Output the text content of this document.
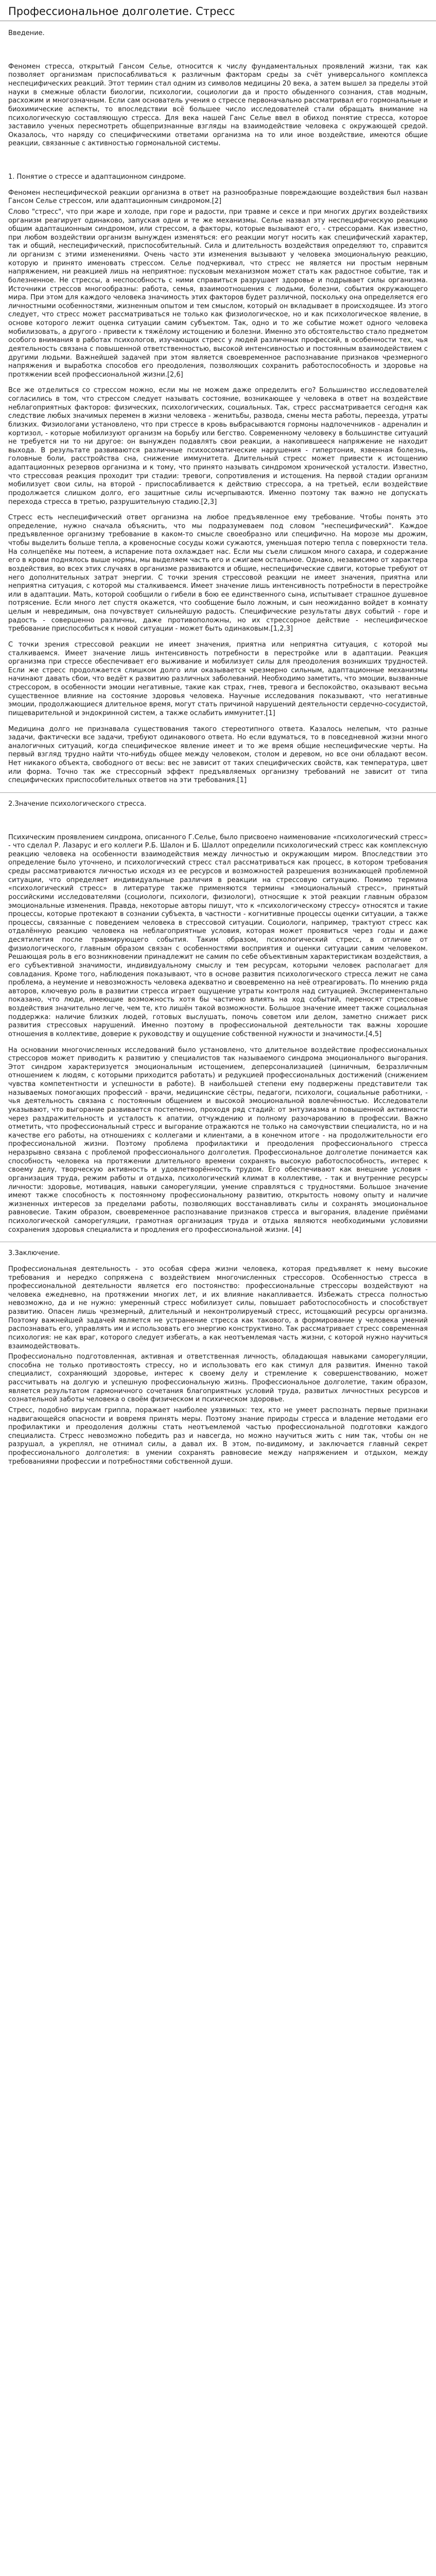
Профессиональное долголетие. Стресс
Введение.

Феномен стресса, открытый Гансом Селье, относится к числу фундаментальных проявлений жизни, так как позволяет организмам приспосабливаться к различным факторам среды за счёт универсального комплекса неспецифических реакций. Этот термин стал одним из символов медицины 20 века, а затем вышел за пределы этой науки в смежные области биологии, психологии, социологии да и просто обыденного сознания, став модным, расхожим и многозначным. Если сам основатель учения о стрессе первоначально рассматривал его гормональные и биохимические аспекты, то впоследствии всё большее число исследователей стали обращать внимание на психологическую составляющую стресса. Для века нашей Ганс Селье ввел в обиход понятие стресса, которое заставило ученых пересмотреть общепризнанные взгляды на взаимодействие человека с окружающей средой. Оказалось, что наряду со специфическими ответами организма на то или иное воздействие, имеются общие реакции, связанные с активностью гормональной системы.

1. Понятие о стрессе и адаптационном синдроме.

Феномен неспецифической реакции организма в ответ на разнообразные повреждающие воздействия был назван Гансом Селье стрессом, или адаптационным синдромом.[2]

Слово "стресс", что при жаре и холоде, при горе и радости, при травме и сексе и при многих других воздействиях организм реагирует одинаково, запуская одни и те же механизмы. Селье назвал эту неспецифическую реакцию общим адаптационным синдромом, или стрессом, а факторы, которые вызывают его, - стрессорами. Как известно, при любом воздействии организм вынужден изменяться: его реакции могут носить как специфический характер, так и общий, неспецифический, приспособительный. Сила и длительность воздействия определяют то, справится ли организм с этими изменениями. Очень часто эти изменения вызывают у человека эмоциональную реакцию, которую и принято именовать стрессом. Селье подчеркивал, что стресс не является ни простым нервным напряжением, ни реакцией лишь на неприятное: пусковым механизмом может стать как радостное событие, так и болезненное. Не стрессы, а неспособность с ними справиться разрушает здоровье и подрывает силы организма. Источники стрессов многообразны: работа, семья, взаимоотношения с людьми, болезни, события окружающего мира. При этом для каждого человека значимость этих факторов будет различной, поскольку она определяется его личностными особенностями, жизненным опытом и тем смыслом, который он вкладывает в происходящее. Из этого следует, что стресс может рассматриваться не только как физиологическое, но и как психологическое явление, в основе которого лежит оценка ситуации самим субъектом. Так, одно и то же событие может одного человека мобилизовать, а другого - привести к тяжёлому истощению и болезни. Именно это обстоятельство стало предметом особого внимания в работах психологов, изучающих стресс у людей различных профессий, в особенности тех, чья деятельность связана с повышенной ответственностью, высокой интенсивностью и постоянным взаимодействием с другими людьми. Важнейшей задачей при этом является своевременное распознавание признаков чрезмерного напряжения и выработка способов его преодоления, позволяющих сохранить работоспособность и здоровье на протяжении всей профессиональной жизни.[2,6]

Все же отделиться со стрессом можно, если мы не можем даже определить его? Большинство исследователей согласились в том, что стрессом следует называть состояние, возникающее у человека в ответ на воздействие неблагоприятных факторов: физических, психологических, социальных. Так, стресс рассматривается сегодня как следствие любых значимых перемен в жизни человека - женитьбы, развода, смены места работы, переезда, утраты близких. Физиологами установлено, что при стрессе в кровь выбрасываются гормоны надпочечников - адреналин и кортизол, - которые мобилизуют организм на борьбу или бегство. Современному человеку в большинстве ситуаций не требуется ни то ни другое: он вынужден подавлять свои реакции, а накопившееся напряжение не находит выхода. В результате развиваются различные психосоматические нарушения - гипертония, язвенная болезнь, головные боли, расстройства сна, снижение иммунитета. Длительный стресс может привести к истощению адаптационных резервов организма и к тому, что принято называть синдромом хронической усталости. Известно, что стрессовая реакция проходит три стадии: тревоги, сопротивления и истощения. На первой стадии организм мобилизует свои силы, на второй - приспосабливается к действию стрессора, а на третьей, если воздействие продолжается слишком долго, его защитные силы исчерпываются. Именно поэтому так важно не допускать перехода стресса в третью, разрушительную стадию.[2,3]

Стресс есть неспецифический ответ организма на любое предъявленное ему требование. Чтобы понять это определение, нужно сначала объяснить, что мы подразумеваем под словом "неспецифический". Каждое предъявленное организму требование в каком-то смысле своеобразно или специфично. На морозе мы дрожим, чтобы выделить больше тепла, а кровеносные сосуды кожи сужаются, уменьшая потерю тепла с поверхности тела. На солнцепёке мы потеем, а испарение пота охлаждает нас. Если мы съели слишком много сахара, и содержание его в крови поднялось выше нормы, мы выделяем часть его и сжигаем остальное. Однако, независимо от характера воздействия, во всех этих случаях в организме развиваются и общие, неспецифические сдвиги, которые требуют от него дополнительных затрат энергии. С точки зрения стрессовой реакции не имеет значения, приятна или неприятна ситуация, с которой мы сталкиваемся. Имеет значение лишь интенсивность потребности в перестройке или в адаптации. Мать, которой сообщили о гибели в бою ее единственного сына, испытывает страшное душевное потрясение. Если много лет спустя окажется, что сообщение было ложным, и сын неожиданно войдет в комнату целым и невредимым, она почувствует сильнейшую радость. Специфические результаты двух событий - горе и радость - совершенно различны, даже противоположны, но их стрессорное действие - неспецифическое требование приспособиться к новой ситуации - может быть одинаковым.[1,2,3]

С точки зрения стрессовой реакции не имеет значения, приятна или неприятна ситуация, с которой мы сталкиваемся. Имеет значение лишь интенсивность потребности в перестройке или в адаптации. Реакция организма при стрессе обеспечивает его выживание и мобилизует силы для преодоления возникших трудностей. Если же стресс продолжается слишком долго или оказывается чрезмерно сильным, адаптационные механизмы начинают давать сбои, что ведёт к развитию различных заболеваний. Необходимо заметить, что эмоции, вызванные стрессором, в особенности эмоции негативные, такие как страх, гнев, тревога и беспокойство, оказывают весьма существенное влияние на состояние здоровья человека. Научные исследования показывают, что негативные эмоции, продолжающиеся длительное время, могут стать причиной нарушений деятельности сердечно-сосудистой, пищеварительной и эндокринной систем, а также ослабить иммунитет.[1]

Медицина долго не признавала существования такого стереотипного ответа. Казалось нелепым, что разные задачи, фактически все задачи, требуют одинакового ответа. Но если вдуматься, то в повседневной жизни много аналогичных ситуаций, когда специфическое явление имеет и то же время общие неспецифические черты. На первый взгляд трудно найти что-нибудь общее между человеком, столом и деревом, но все они обладают весом. Нет никакого объекта, свободного от весы: вес не зависит от таких специфических свойств, как температура, цвет или форма. Точно так же стрессорный эффект предъявляемых организму требований не зависит от типа специфических приспособительных ответов на эти требования.[1]

2.Значение психологического стресса.

Психическим проявлением синдрома, описанного Г.Селье, было присвоено наименование «психологический стресс» - что сделал Р. Лазарус и его коллеги Р.Б. Шалон и Б. Шаллот определили психологический стресс как комплексную реакцию человека на особенности взаимодействия между личностью и окружающим миром. Впоследствии это определение было уточнено, и психологический стресс стал рассматриваться как процесс, в котором требования среды рассматриваются личностью исходя из ее ресурсов и возможностей разрешения возникающей проблемной ситуации, что определяет индивидуальные различия в реакции на стрессовую ситуацию. Помимо термина «психологический стресс» в литературе также применяются термины «эмоциональный стресс», принятый российскими исследователями (социологи, психологи, физиологи), относящие к этой реакции главным образом эмоциональные изменения. Правда, некоторые авторы пишут, что к «психологическому стрессу» относятся и такие процессы, которые протекают в сознании субъекта, в частности - когнитивные процессы оценки ситуации, а также процессы, связанные с поведением человека в стрессовой ситуации. Социологи, например, трактуют стресс как отдалённую реакцию человека на неблагоприятные условия, которая может проявиться через годы и даже десятилетия после травмирующего события. Таким образом, психологический стресс, в отличие от физиологического, главным образом связан с особенностями восприятия и оценки ситуации самим человеком. Решающая роль в его возникновении принадлежит не самим по себе объективным характеристикам воздействия, а его субъективной значимости, индивидуальному смыслу и тем ресурсам, которыми человек располагает для совладания. Кроме того, наблюдения показывают, что в основе развития психологического стресса лежит не сама проблема, а неумение и невозможность человека адекватно и своевременно на неё отреагировать. По мнению ряда авторов, ключевую роль в развитии стресса играет ощущение утраты контроля над ситуацией. Экспериментально показано, что люди, имеющие возможность хотя бы частично влиять на ход событий, переносят стрессовые воздействия значительно легче, чем те, кто лишён такой возможности. Большое значение имеет также социальная поддержка: наличие близких людей, готовых выслушать, помочь советом или делом, заметно снижает риск развития стрессовых нарушений. Именно поэтому в профессиональной деятельности так важны хорошие отношения в коллективе, доверие к руководству и ощущение собственной нужности и значимости.[4,5]

На основании многочисленных исследований было установлено, что длительное воздействие профессиональных стрессоров может приводить к развитию у специалистов так называемого синдрома эмоционального выгорания. Этот синдром характеризуется эмоциональным истощением, деперсонализацией (циничным, безразличным отношением к людям, с которыми приходится работать) и редукцией профессиональных достижений (снижением чувства компетентности и успешности в работе). В наибольшей степени ему подвержены представители так называемых помогающих профессий - врачи, медицинские сёстры, педагоги, психологи, социальные работники, - чья деятельность связана с постоянным общением и высокой эмоциональной вовлечённостью. Исследователи указывают, что выгорание развивается постепенно, проходя ряд стадий: от энтузиазма и повышенной активности через раздражительность и усталость к апатии, отчуждению и полному разочарованию в профессии. Важно отметить, что профессиональный стресс и выгорание отражаются не только на самочувствии специалиста, но и на качестве его работы, на отношениях с коллегами и клиентами, а в конечном итоге - на продолжительности его профессиональной жизни. Поэтому проблема профилактики и преодоления профессионального стресса неразрывно связана с проблемой профессионального долголетия. Профессиональное долголетие понимается как способность человека на протяжении длительного времени сохранять высокую работоспособность, интерес к своему делу, творческую активность и удовлетворённость трудом. Его обеспечивают как внешние условия - организация труда, режим работы и отдыха, психологический климат в коллективе, - так и внутренние ресурсы личности: здоровье, мотивация, навыки саморегуляции, умение справляться с трудностями. Большое значение имеют также способность к постоянному профессиональному развитию, открытость новому опыту и наличие жизненных интересов за пределами работы, позволяющих восстанавливать силы и сохранять эмоциональное равновесие. Таким образом, своевременное распознавание признаков стресса и выгорания, владение приёмами психологической саморегуляции, грамотная организация труда и отдыха являются необходимыми условиями сохранения здоровья специалиста и продления его профессиональной жизни. [4]

3.Заключение.

Профессиональная деятельность - это особая сфера жизни человека, которая предъявляет к нему высокие требования и нередко сопряжена с воздействием многочисленных стрессоров. Особенностью стресса в профессиональной деятельности является его постоянство: профессиональные стрессоры воздействуют на человека ежедневно, на протяжении многих лет, и их влияние накапливается. Избежать стресса полностью невозможно, да и не нужно: умеренный стресс мобилизует силы, повышает работоспособность и способствует развитию. Опасен лишь чрезмерный, длительный и неконтролируемый стресс, истощающий ресурсы организма. Поэтому важнейшей задачей является не устранение стресса как такового, а формирование у человека умений распознавать его, управлять им и использовать его энергию конструктивно. Так рассматривает стресс современная психология: не как враг, которого следует избегать, а как неотъемлемая часть жизни, с которой нужно научиться взаимодействовать.

Профессионально подготовленная, активная и ответственная личность, обладающая навыками саморегуляции, способна не только противостоять стрессу, но и использовать его как стимул для развития. Именно такой специалист, сохраняющий здоровье, интерес к своему делу и стремление к совершенствованию, может рассчитывать на долгую и успешную профессиональную жизнь. Профессиональное долголетие, таким образом, является результатом гармоничного сочетания благоприятных условий труда, развитых личностных ресурсов и сознательной заботы человека о своём физическом и психическом здоровье.

Стресс, подобно вирусам гриппа, поражает наиболее уязвимых: тех, кто не умеет распознать первые признаки надвигающейся опасности и вовремя принять меры. Поэтому знание природы стресса и владение методами его профилактики и преодоления должны стать неотъемлемой частью профессиональной подготовки каждого специалиста. Стресс невозможно победить раз и навсегда, но можно научиться жить с ним так, чтобы он не разрушал, а укреплял, не отнимал силы, а давал их. В этом, по-видимому, и заключается главный секрет профессионального долголетия: в умении сохранять равновесие между напряжением и отдыхом, между требованиями профессии и потребностями собственной души.
